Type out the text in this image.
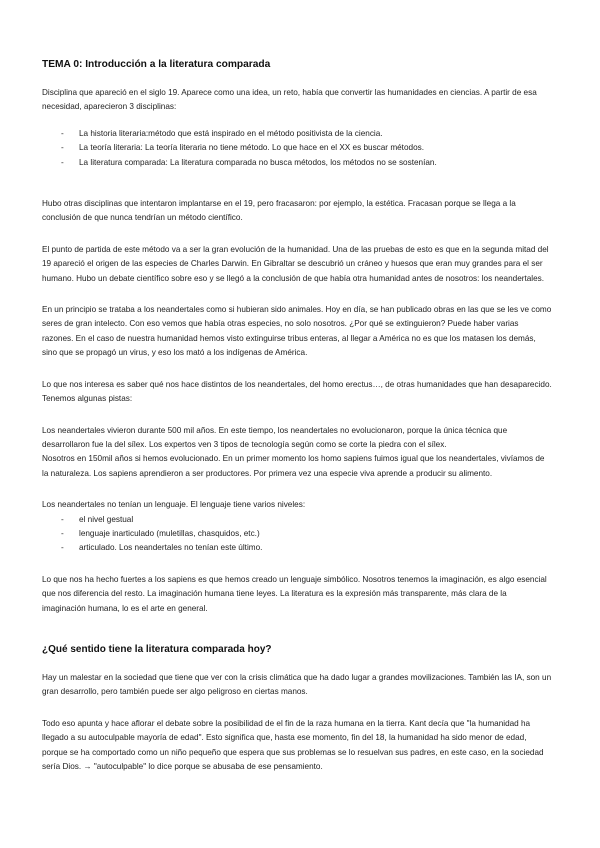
TEMA 0: Introducción a la literatura comparada

Disciplina que apareció en el siglo 19. Aparece como una idea, un reto, había que convertir las humanidades en ciencias. A partir de esa necesidad, aparecieron 3 disciplinas:

- La historia literaria:método que está inspirado en el método positivista de la ciencia.
- La teoría literaria: La teoría literaria no tiene método. Lo que hace en el XX es buscar métodos.
- La literatura comparada: La literatura comparada no busca métodos, los métodos no se sostenían.

Hubo otras disciplinas que intentaron implantarse en el 19, pero fracasaron: por ejemplo, la estética. Fracasan porque se llega a la conclusión de que nunca tendrían un método científico.

El punto de partida de este método va a ser la gran evolución de la humanidad. Una de las pruebas de esto es que en la segunda mitad del 19 apareció el origen de las especies de Charles Darwin. En Gibraltar se descubrió un cráneo y huesos que eran muy grandes para el ser humano. Hubo un debate científico sobre eso y se llegó a la conclusión de que había otra humanidad antes de nosotros: los neandertales.

En un principio se trataba a los neandertales como si hubieran sido animales. Hoy en día, se han publicado obras en las que se les ve como seres de gran intelecto. Con eso vemos que había otras especies, no solo nosotros. ¿Por qué se extinguieron? Puede haber varias razones. En el caso de nuestra humanidad hemos visto extinguirse tribus enteras, al llegar a América no es que los matasen los demás, sino que se propagó un virus, y eso los mató a los indígenas de América.

Lo que nos interesa es saber qué nos hace distintos de los neandertales, del homo erectus…, de otras humanidades que han desaparecido. Tenemos algunas pistas:

Los neandertales vivieron durante 500 mil años. En este tiempo, los neandertales no evolucionaron, porque la única técnica que desarrollaron fue la del sílex. Los expertos ven 3 tipos de tecnología según como se corte la piedra con el sílex.

Nosotros en 150mil años si hemos evolucionado. En un primer momento los homo sapiens fuimos igual que los neandertales, vivíamos de la naturaleza. Los sapiens aprendieron a ser productores. Por primera vez una especie viva aprende a producir su alimento.

Los neandertales no tenían un lenguaje. El lenguaje tiene varios niveles:

- el nivel gestual
- lenguaje inarticulado (muletillas, chasquidos, etc.)
- articulado. Los neandertales no tenían este último.

Lo que nos ha hecho fuertes a los sapiens es que hemos creado un lenguaje simbólico. Nosotros tenemos la imaginación, es algo esencial que nos diferencia del resto. La imaginación humana tiene leyes. La literatura es la expresión más transparente, más clara de la imaginación humana, lo es el arte en general.

¿Qué sentido tiene la literatura comparada hoy?

Hay un malestar en la sociedad que tiene que ver con la crisis climática que ha dado lugar a grandes movilizaciones. También las IA, son un gran desarrollo, pero también puede ser algo peligroso en ciertas manos.

Todo eso apunta y hace aflorar el debate sobre la posibilidad de el fin de la raza humana en la tierra. Kant decía que "la humanidad ha llegado a su autoculpable mayoría de edad". Esto significa que, hasta ese momento, fin del 18, la humanidad ha sido menor de edad, porque se ha comportado como un niño pequeño que espera que sus problemas se lo resuelvan sus padres, en este caso, en la sociedad sería Dios. → "autoculpable" lo dice porque se abusaba de ese pensamiento.
